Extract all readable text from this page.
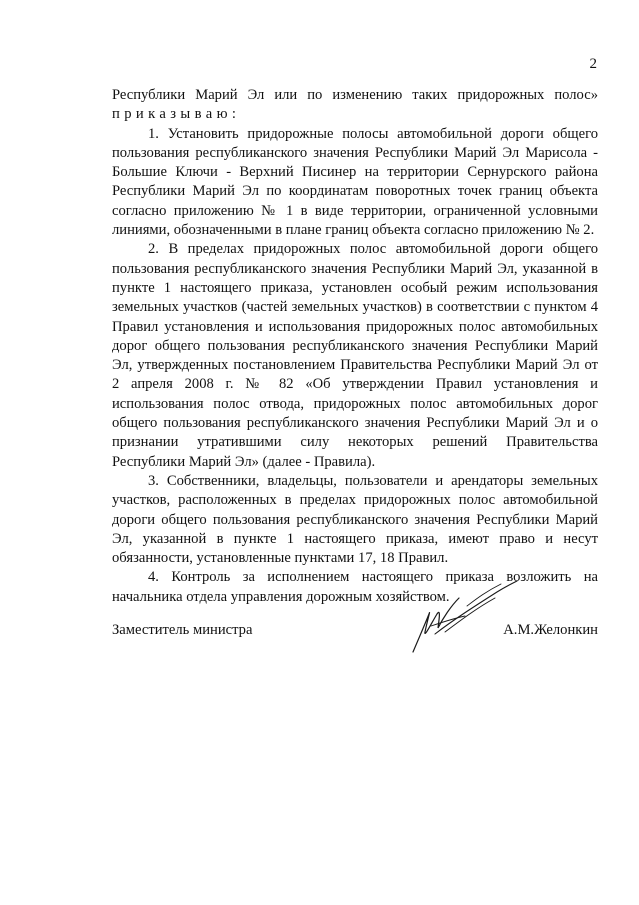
2
Республики Марий Эл или по изменению таких придорожных полос»
приказываю:

1. Установить придорожные полосы автомобильной дороги общего пользования республиканского значения Республики Марий Эл Марисола - Большие Ключи - Верхний Писинер на территории Сернурского района Республики Марий Эл по координатам поворотных точек границ объекта согласно приложению № 1 в виде территории, ограниченной условными линиями, обозначенными в плане границ объекта согласно приложению № 2.

2. В пределах придорожных полос автомобильной дороги общего пользования республиканского значения Республики Марий Эл, указанной в пункте 1 настоящего приказа, установлен особый режим использования земельных участков (частей земельных участков) в соответствии с пунктом 4 Правил установления и использования придорожных полос автомобильных дорог общего пользования республиканского значения Республики Марий Эл, утвержденных постановлением Правительства Республики Марий Эл от 2 апреля 2008 г. № 82 «Об утверждении Правил установления и использования полос отвода, придорожных полос автомобильных дорог общего пользования республиканского значения Республики Марий Эл и о признании утратившими силу некоторых решений Правительства Республики Марий Эл» (далее - Правила).

3. Собственники, владельцы, пользователи и арендаторы земельных участков, расположенных в пределах придорожных полос автомобильной дороги общего пользования республиканского значения Республики Марий Эл, указанной в пункте 1 настоящего приказа, имеют право и несут обязанности, установленные пунктами 17, 18 Правил.

4. Контроль за исполнением настоящего приказа возложить на начальника отдела управления дорожным хозяйством.

Заместитель министра	А.М.Желонкин
